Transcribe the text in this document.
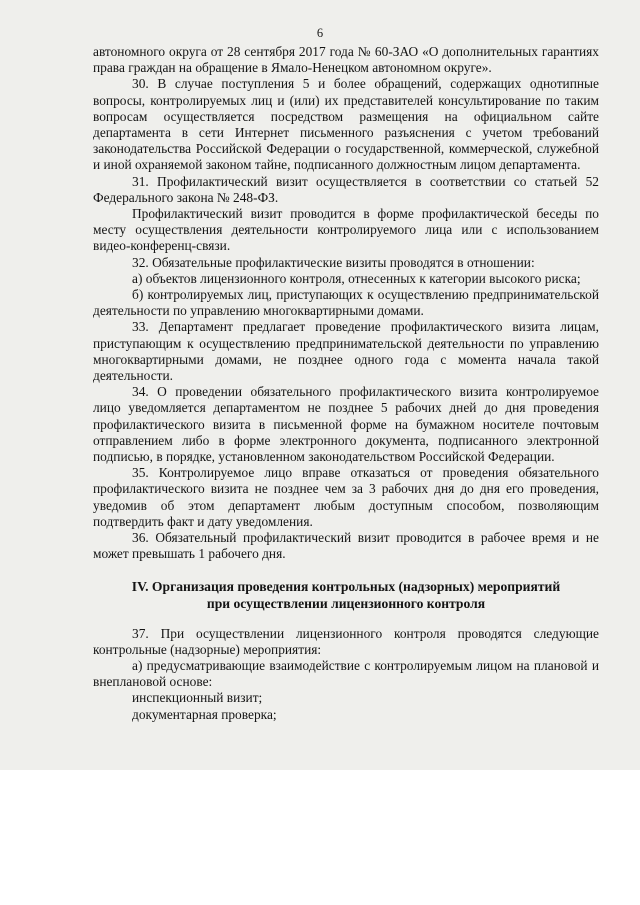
6

автономного округа от 28 сентября 2017 года № 60-ЗАО «О дополнительных гарантиях права граждан на обращение в Ямало-Ненецком автономном округе».

30. В случае поступления 5 и более обращений, содержащих однотипные вопросы, контролируемых лиц и (или) их представителей консультирование по таким вопросам осуществляется посредством размещения на официальном сайте департамента в сети Интернет письменного разъяснения с учетом требований законодательства Российской Федерации о государственной, коммерческой, служебной и иной охраняемой законом тайне, подписанного должностным лицом департамента.

31. Профилактический визит осуществляется в соответствии со статьей 52 Федерального закона № 248-ФЗ.

Профилактический визит проводится в форме профилактической беседы по месту осуществления деятельности контролируемого лица или с использованием видео-конференц-связи.

32. Обязательные профилактические визиты проводятся в отношении:

а) объектов лицензионного контроля, отнесенных к категории высокого риска;

б) контролируемых лиц, приступающих к осуществлению предпринимательской деятельности по управлению многоквартирными домами.

33. Департамент предлагает проведение профилактического визита лицам, приступающим к осуществлению предпринимательской деятельности по управлению многоквартирными домами, не позднее одного года с момента начала такой деятельности.

34. О проведении обязательного профилактического визита контролируемое лицо уведомляется департаментом не позднее 5 рабочих дней до дня проведения профилактического визита в письменной форме на бумажном носителе почтовым отправлением либо в форме электронного документа, подписанного электронной подписью, в порядке, установленном законодательством Российской Федерации.

35. Контролируемое лицо вправе отказаться от проведения обязательного профилактического визита не позднее чем за 3 рабочих дня до дня его проведения, уведомив об этом департамент любым доступным способом, позволяющим подтвердить факт и дату уведомления.

36. Обязательный профилактический визит проводится в рабочее время и не может превышать 1 рабочего дня.

IV. Организация проведения контрольных (надзорных) мероприятий
при осуществлении лицензионного контроля

37. При осуществлении лицензионного контроля проводятся следующие контрольные (надзорные) мероприятия:

а) предусматривающие взаимодействие с контролируемым лицом на плановой и внеплановой основе:

инспекционный визит;

документарная проверка;
